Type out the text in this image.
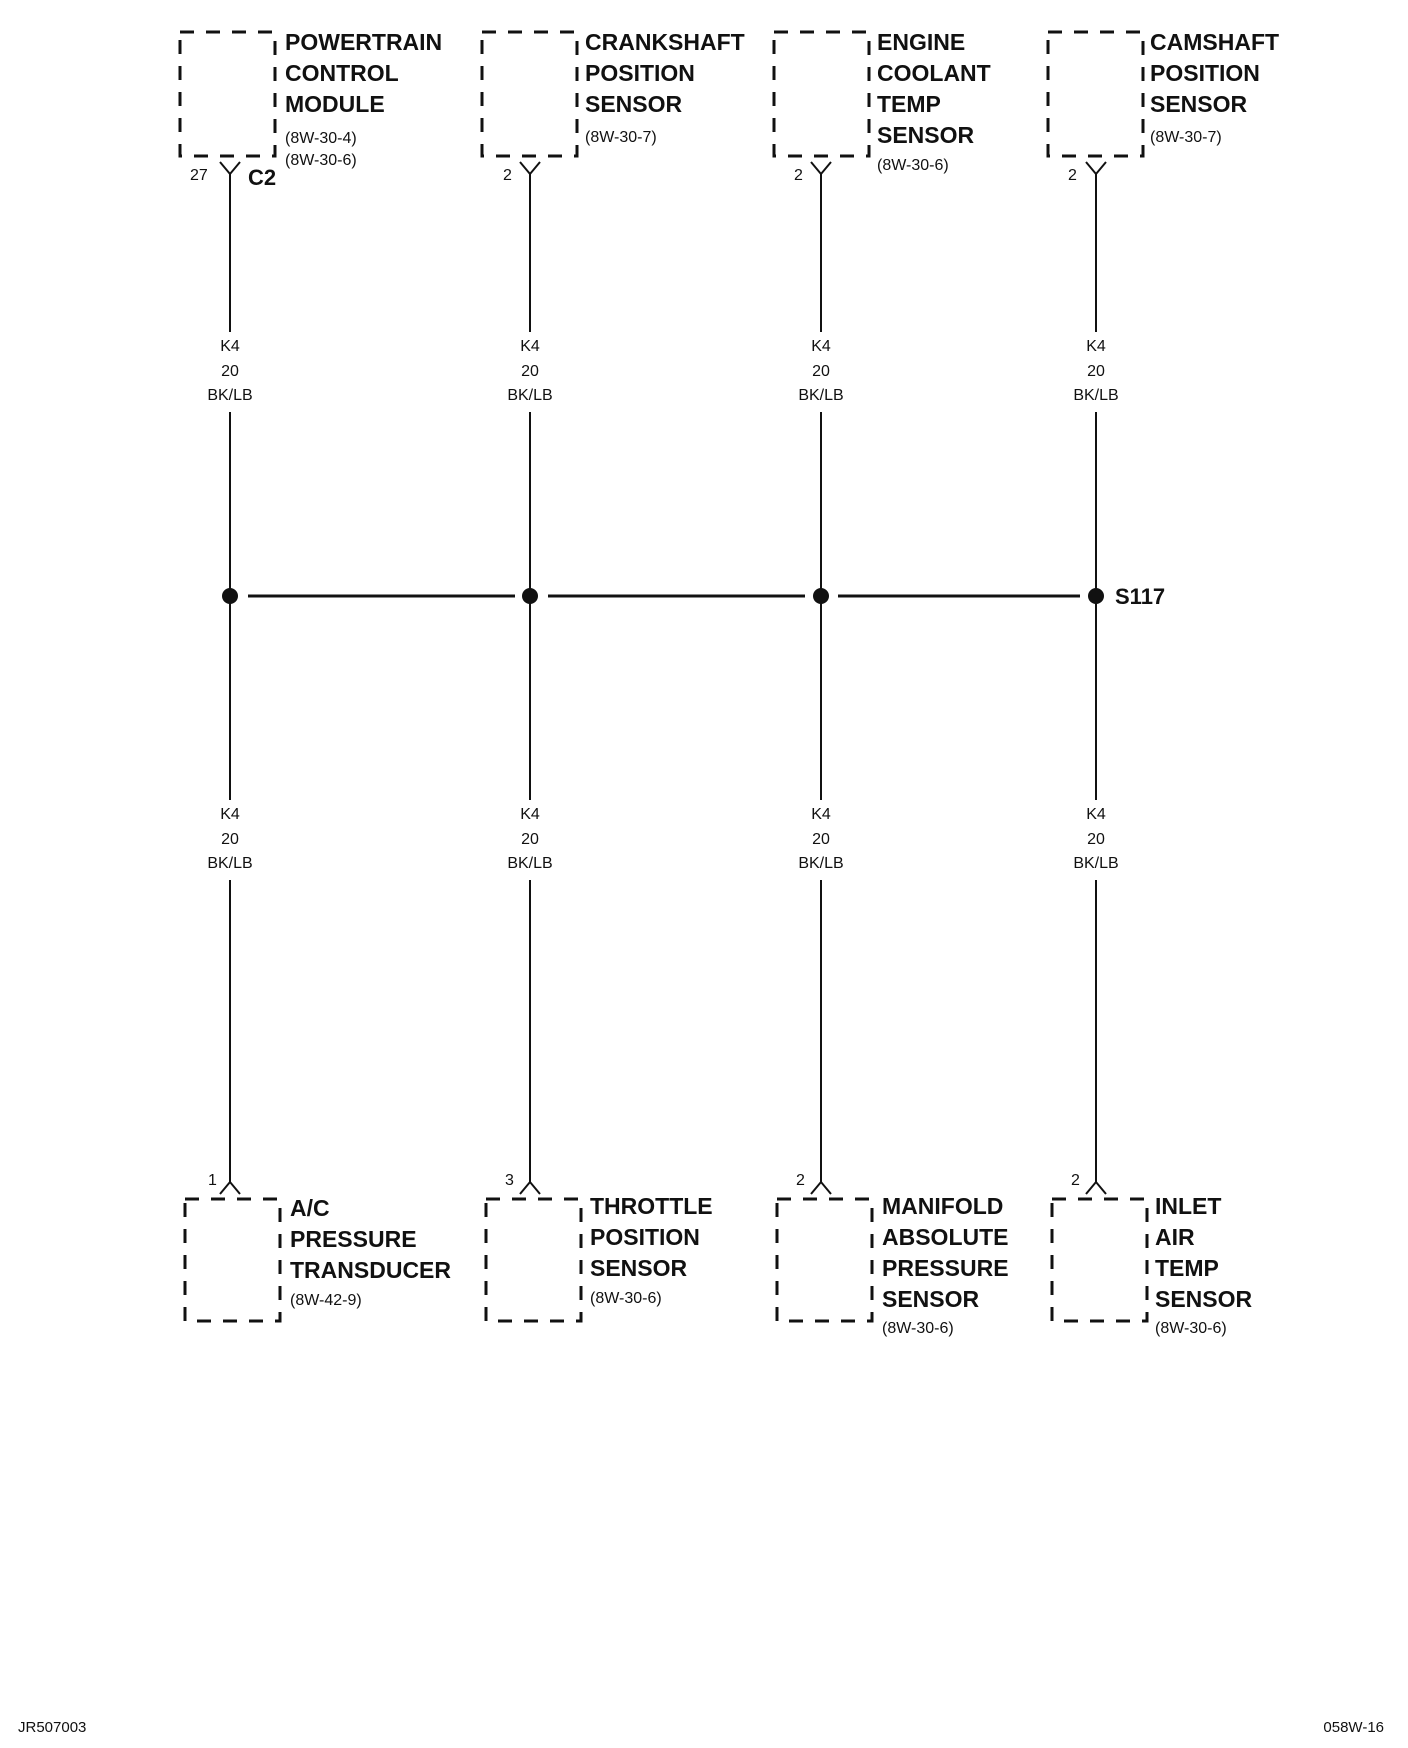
POWERTRAIN
CONTROL
MODULE
(8W-30-4)
(8W-30-6)
27 C2
CRANKSHAFT
POSITION
SENSOR
(8W-30-7)
2
ENGINE
COOLANT
TEMP
SENSOR
(8W-30-6)
2
CAMSHAFT
POSITION
SENSOR
(8W-30-7)
2
K4
20
BK/LB
K4
20
BK/LB
K4
20
BK/LB
K4
20
BK/LB
S117
K4
20
BK/LB
K4
20
BK/LB
K4
20
BK/LB
K4
20
BK/LB
1
A/C
PRESSURE
TRANSDUCER
(8W-42-9)
3
THROTTLE
POSITION
SENSOR
(8W-30-6)
2
MANIFOLD
ABSOLUTE
PRESSURE
SENSOR
(8W-30-6)
2
INLET
AIR
TEMP
SENSOR
(8W-30-6)
JR507003	058W-16
